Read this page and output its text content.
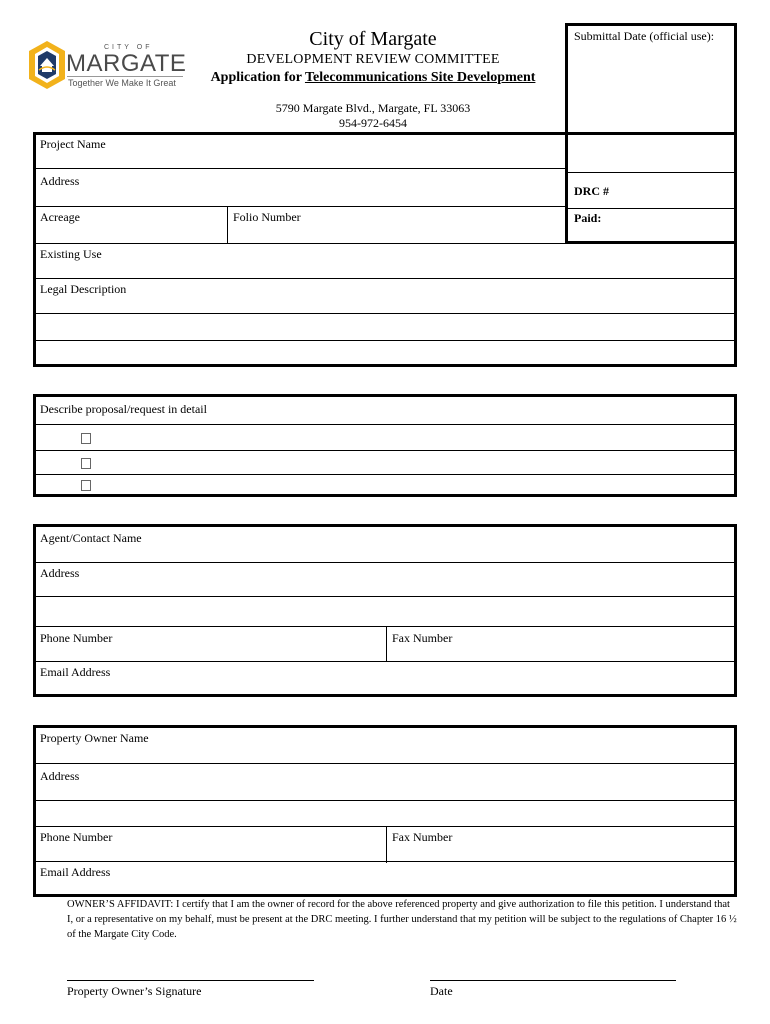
CITY OF
MARGATE
Together We Make It Great
City of Margate
DEVELOPMENT REVIEW COMMITTEE
Application for Telecommunications Site Development
5790 Margate Blvd., Margate, FL 33063
954-972-6454
Submittal Date (official use):
DRC #
Paid:
Project Name
Address
Acreage	Folio Number
Existing Use
Legal Description
Describe proposal/request in detail
Agent/Contact Name
Address
Phone Number	Fax Number
Email Address
Property Owner Name
Address
Phone Number	Fax Number
Email Address
OWNER’S AFFIDAVIT: I certify that I am the owner of record for the above referenced property and give authorization to file this petition. I understand that I, or a representative on my behalf, must be present at the DRC meeting. I further understand that my petition will be subject to the regulations of Chapter 16 ½ of the Margate City Code.
Property Owner’s Signature	Date
